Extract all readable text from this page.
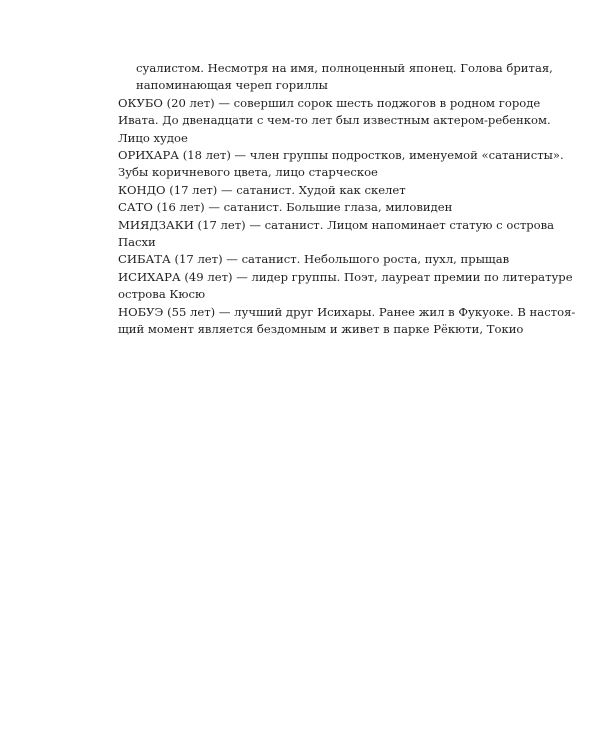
суалистом. Несмотря на имя, полноценный японец. Голова бритая,
напоминающая череп гориллы

ОКУБО (20 лет) — совершил сорок шесть поджогов в родном городе
Ивата. До двенадцати с чем-то лет был известным актером-ребенком.
Лицо худое

ОРИХАРА (18 лет) — член группы подростков, именуемой «сатанисты».
Зубы коричневого цвета, лицо старческое

КОНДО (17 лет) — сатанист. Худой как скелет

САТО (16 лет) — сатанист. Большие глаза, миловиден

МИЯДЗАКИ (17 лет) — сатанист. Лицом напоминает статую с острова
Пасхи

СИБАТА (17 лет) — сатанист. Небольшого роста, пухл, прыщав

ИСИХАРА (49 лет) — лидер группы. Поэт, лауреат премии по литературе
острова Кюсю

НОБУЭ (55 лет) — лучший друг Исихары. Ранее жил в Фукуоке. В настоя-
щий момент является бездомным и живет в парке Рёкюти, Токио
